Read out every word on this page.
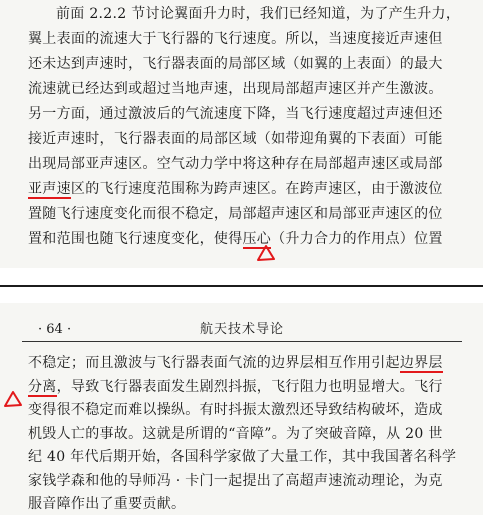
前面 2.2.2 节讨论翼面升力时，我们已经知道，为了产生升力，
翼上表面的流速大于飞行器的飞行速度。所以，当速度接近声速但
还未达到声速时，飞行器表面的局部区域（如翼的上表面）的最大
流速就已经达到或超过当地声速，出现局部超声速区并产生激波。
另一方面，通过激波后的气流速度下降，当飞行速度超过声速但还
接近声速时，飞行器表面的局部区域（如带迎角翼的下表面）可能
出现局部亚声速区。空气动力学中将这种存在局部超声速区或局部
亚声速区的飞行速度范围称为跨声速区。在跨声速区，由于激波位
置随飞行速度变化而很不稳定，局部超声速区和局部亚声速区的位
置和范围也随飞行速度变化，使得压心（升力合力的作用点）位置
· 64 ·	航天技术导论
不稳定；而且激波与飞行器表面气流的边界层相互作用引起边界层
分离，导致飞行器表面发生剧烈抖振，飞行阻力也明显增大。飞行
变得很不稳定而难以操纵。有时抖振太激烈还导致结构破坏，造成
机毁人亡的事故。这就是所谓的“音障”。为了突破音障，从 20 世
纪 40 年代后期开始，各国科学家做了大量工作，其中我国著名科学
家钱学森和他的导师冯 · 卡门一起提出了高超声速流动理论，为克
服音障作出了重要贡献。
